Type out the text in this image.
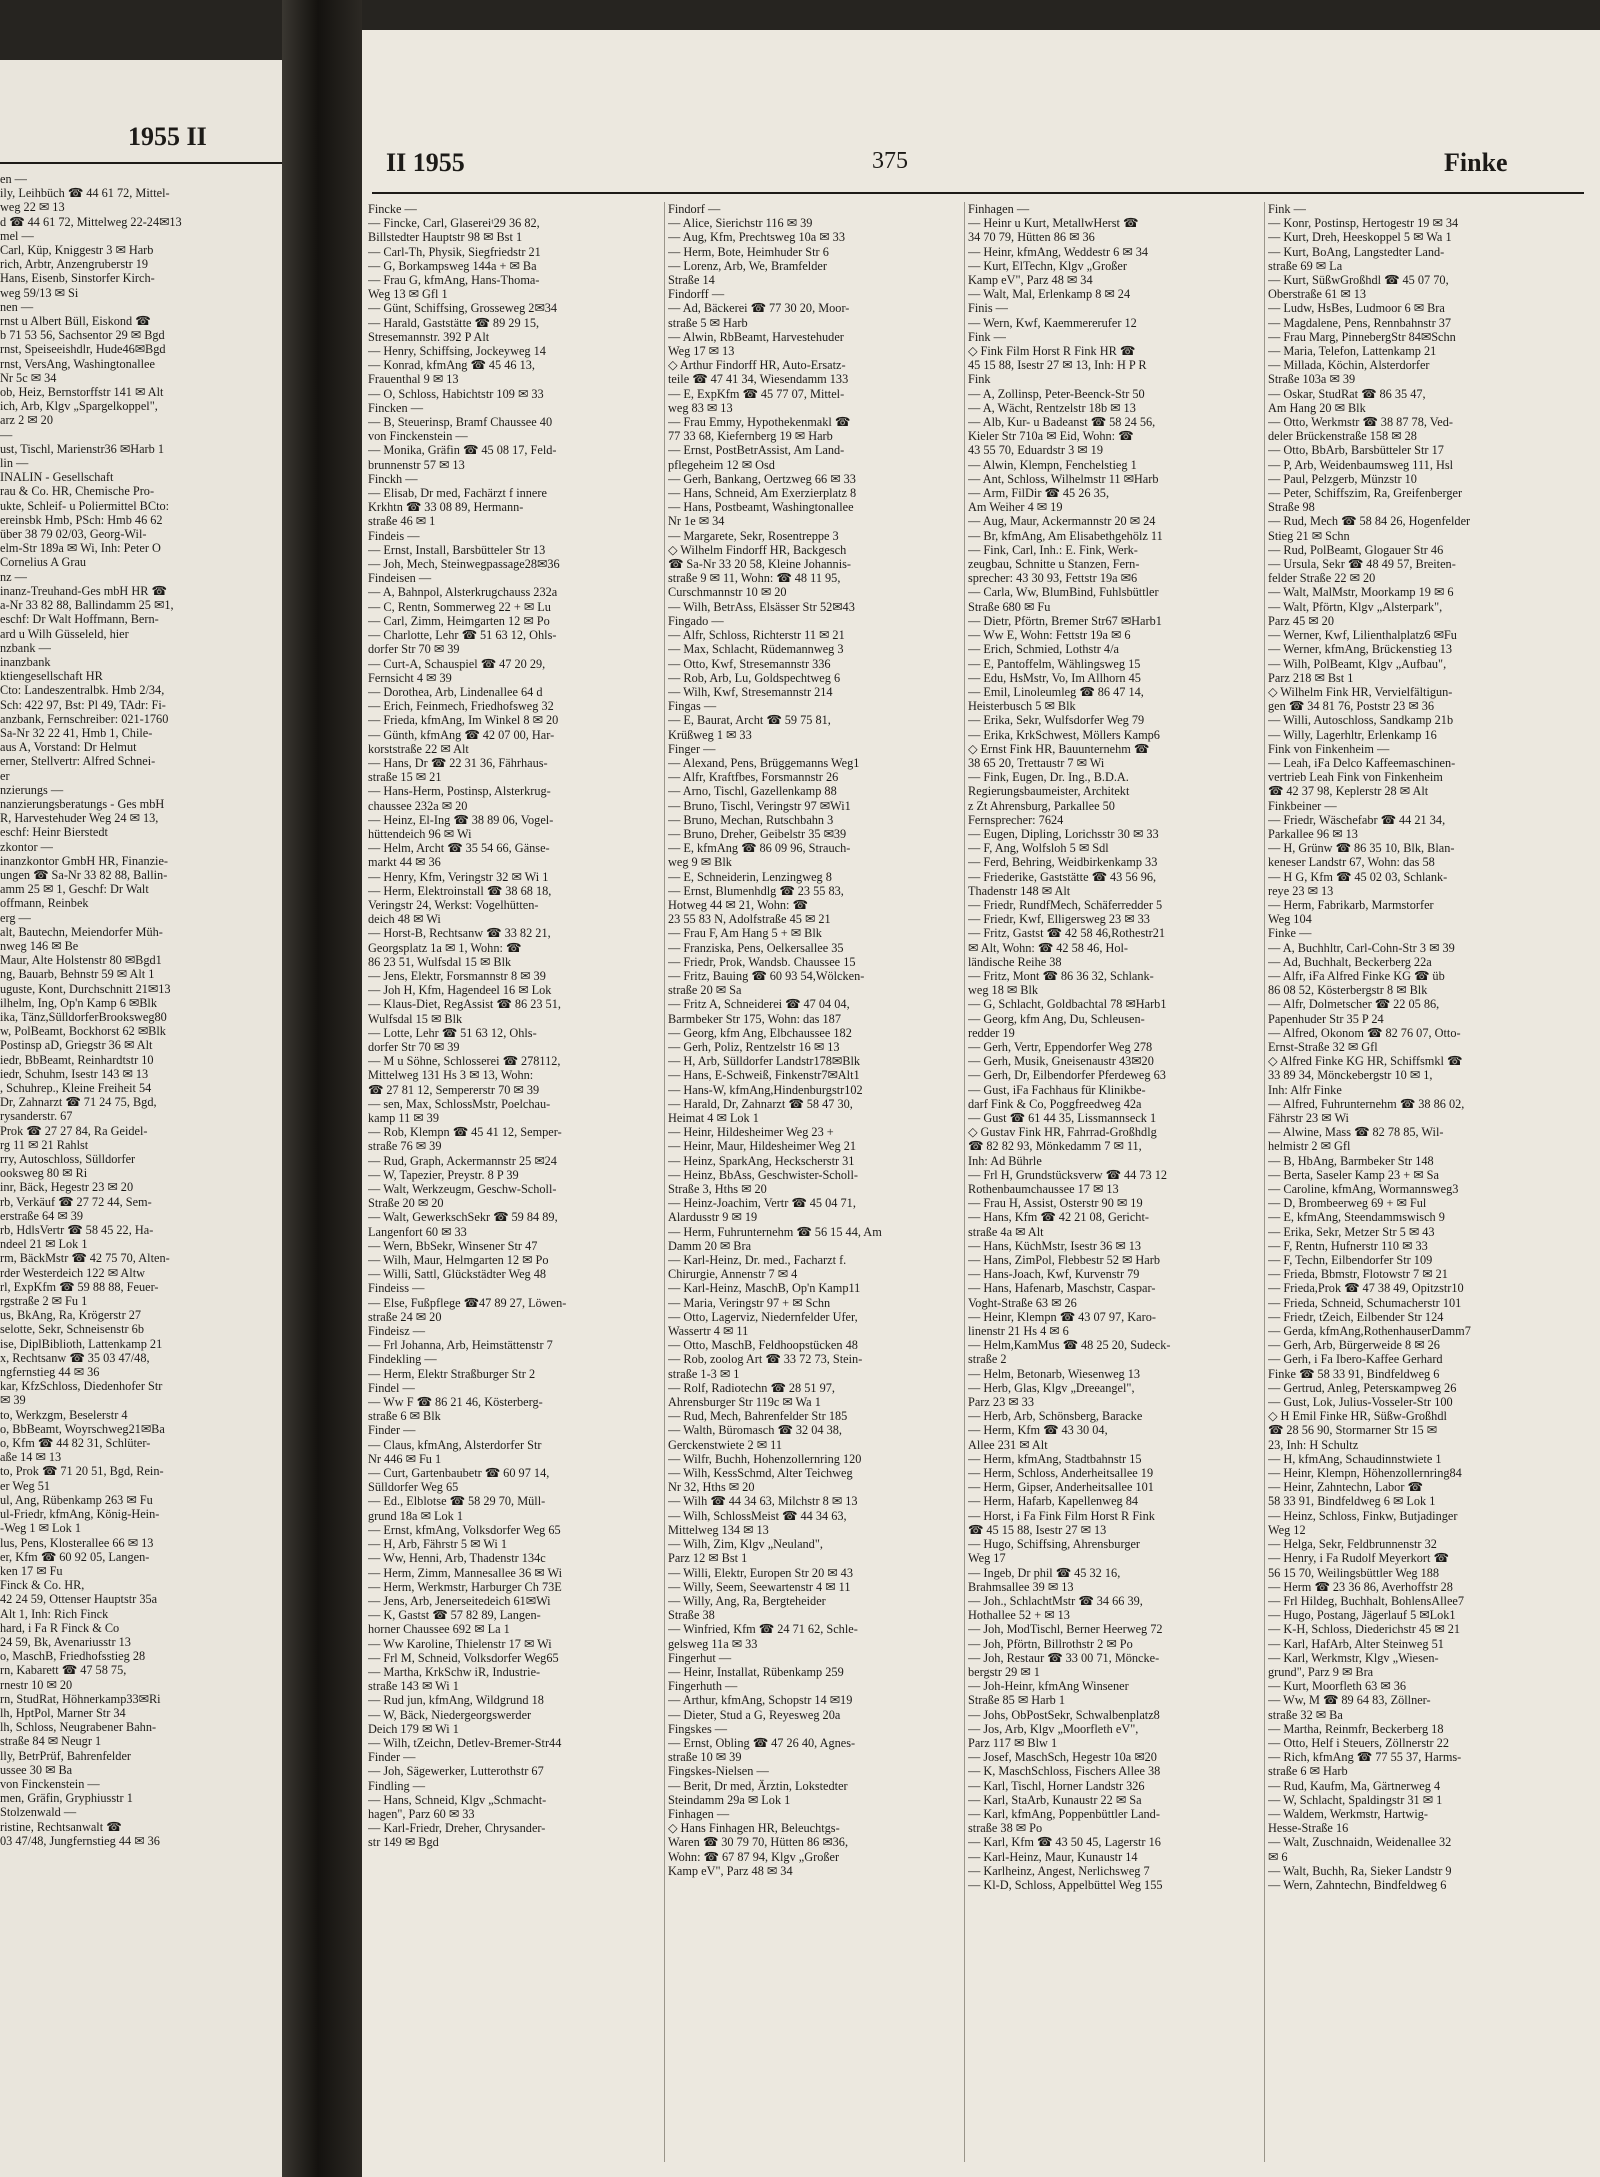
1955 II
en —
ily, Leihbüch ☎ 44 61 72, Mittel-
weg 22 ✉ 13
d ☎ 44 61 72, Mittelweg 22-24✉13
mel —
Carl, Küp, Kniggestr 3 ✉ Harb
rich, Arbtr, Anzengruberstr 19
Hans, Eisenb, Sinstorfer Kirch-
weg 59/13 ✉ Si
nen —
rnst u Albert Büll, Eiskond ☎
b 71 53 56, Sachsentor 29 ✉ Bgd
rnst, Speiseeishdlr, Hude46✉Bgd
rnst, VersAng, Washingtonallee
Nr 5c ✉ 34
ob, Heiz, Bernstorffstr 141 ✉ Alt
ich, Arb, Klgv „Spargelkoppel",
arz 2 ✉ 20
—
ust, Tischl, Marienstr36 ✉Harb 1
lin —
INALIN - Gesellschaft
rau & Co. HR, Chemische Pro-
ukte, Schleif- u Poliermittel BCto:
ereinsbk Hmb, PSch: Hmb 46 62
über 38 79 02/03, Georg-Wil-
elm-Str 189a ✉ Wi, Inh: Peter O
Cornelius A Grau
nz —
inanz-Treuhand-Ges mbH HR ☎
a-Nr 33 82 88, Ballindamm 25 ✉1,
eschf: Dr Walt Hoffmann, Bern-
ard u Wilh Güsseleld, hier
nzbank —
inanzbank
ktiengesellschaft HR
Cto: Landeszentralbk. Hmb 2/34,
Sch: 422 97, Bst: Pl 49, TAdr: Fi-
anzbank, Fernschreiber: 021-1760
Sa-Nr 32 22 41, Hmb 1, Chile-
aus A, Vorstand: Dr Helmut
erner, Stellvertr: Alfred Schnei-
er
nzierungs —
nanzierungsberatungs - Ges mbH
R, Harvestehuder Weg 24 ✉ 13,
eschf: Heinr Bierstedt
zkontor —
inanzkontor GmbH HR, Finanzie-
ungen ☎ Sa-Nr 33 82 88, Ballin-
amm 25 ✉ 1, Geschf: Dr Walt
offmann, Reinbek
erg —
alt, Bautechn, Meiendorfer Müh-
nweg 146 ✉ Be
Maur, Alte Holstenstr 80 ✉Bgd1
ng, Bauarb, Behnstr 59 ✉ Alt 1
uguste, Kont, Durchschnitt 21✉13
ilhelm, Ing, Op'n Kamp 6 ✉Blk
ika, Tänz,SülldorferBrooksweg80
w, PolBeamt, Bockhorst 62 ✉Blk
Postinsp aD, Griegstr 36 ✉ Alt
iedr, BbBeamt, Reinhardtstr 10
iedr, Schuhm, Isestr 143 ✉ 13
, Schuhrep., Kleine Freiheit 54
Dr, Zahnarzt ☎ 71 24 75, Bgd,
rysanderstr. 67
Prok ☎ 27 27 84, Ra Geidel-
rg 11 ✉ 21 Rahlst
rry, Autoschloss, Sülldorfer
ooksweg 80 ✉ Ri
inr, Bäck, Hegestr 23 ✉ 20
rb, Verkäuf ☎ 27 72 44, Sem-
erstraße 64 ✉ 39
rb, HdlsVertr ☎ 58 45 22, Ha-
ndeel 21 ✉ Lok 1
rm, BäckMstr ☎ 42 75 70, Alten-
rder Westerdeich 122 ✉ Altw
rl, ExpKfm ☎ 59 88 88, Feuer-
rgstraße 2 ✉ Fu 1
us, BkAng, Ra, Krögerstr 27
selotte, Sekr, Schneisenstr 6b
ise, DiplBiblioth, Lattenkamp 21
x, Rechtsanw ☎ 35 03 47/48,
ngfernstieg 44 ✉ 36
kar, KfzSchloss, Diedenhofer Str
✉ 39
to, Werkzgm, Beselerstr 4
o, BbBeamt, Woyrschweg21✉Ba
o, Kfm ☎ 44 82 31, Schlüter-
aße 14 ✉ 13
to, Prok ☎ 71 20 51, Bgd, Rein-
er Weg 51
ul, Ang, Rübenkamp 263 ✉ Fu
ul-Friedr, kfmAng, König-Hein-
-Weg 1 ✉ Lok 1
lus, Pens, Klosterallee 66 ✉ 13
er, Kfm ☎ 60 92 05, Langen-
ken 17 ✉ Fu
Finck & Co. HR,
42 24 59, Ottenser Hauptstr 35a
Alt 1, Inh: Rich Finck
hard, i Fa R Finck & Co
24 59, Bk, Avenariusstr 13
o, MaschB, Friedhofsstieg 28
rn, Kabarett ☎ 47 58 75,
rnestr 10 ✉ 20
rn, StudRat, Höhnerkamp33✉Ri
lh, HptPol, Marner Str 34
lh, Schloss, Neugrabener Bahn-
straße 84 ✉ Neugr 1
lly, BetrPrüf, Bahrenfelder
ussee 30 ✉ Ba
von Finckenstein —
men, Gräfin, Gryphiusstr 1
Stolzenwald —
ristine, Rechtsanwalt ☎
03 47/48, Jungfernstieg 44 ✉ 36
II 1955	375	Finke
Fincke —
— Fincke, Carl, Glasereiᵗ29 36 82,
Billstedter Hauptstr 98 ✉ Bst 1
— Carl-Th, Physik, Siegfriedstr 21
— G, Borkampsweg 144a + ✉ Ba
— Frau G, kfmAng, Hans-Thoma-
Weg 13 ✉ Gfl 1
— Günt, Schiffsing, Grosseweg 2✉34
— Harald, Gaststätte ☎ 89 29 15,
Stresemannstr. 392 P Alt
— Henry, Schiffsing, Jockeyweg 14
— Konrad, kfmAng ☎ 45 46 13,
Frauenthal 9 ✉ 13
— O, Schloss, Habichtstr 109 ✉ 33
Fincken —
— B, Steuerinsp, Bramf Chaussee 40
von Finckenstein —
— Monika, Gräfin ☎ 45 08 17, Feld-
brunnenstr 57 ✉ 13
Finckh —
— Elisab, Dr med, Fachärzt f innere
Krkhtn ☎ 33 08 89, Hermann-
straße 46 ✉ 1
Findeis —
— Ernst, Install, Barsbütteler Str 13
— Joh, Mech, Steinwegpassage28✉36
Findeisen —
— A, Bahnpol, Alsterkrugchauss 232a
— C, Rentn, Sommerweg 22 + ✉ Lu
— Carl, Zimm, Heimgarten 12 ✉ Po
— Charlotte, Lehr ☎ 51 63 12, Ohls-
dorfer Str 70 ✉ 39
— Curt-A, Schauspiel ☎ 47 20 29,
Fernsicht 4 ✉ 39
— Dorothea, Arb, Lindenallee 64 d
— Erich, Feinmech, Friedhofsweg 32
— Frieda, kfmAng, Im Winkel 8 ✉ 20
— Günth, kfmAng ☎ 42 07 00, Har-
korststraße 22 ✉ Alt
— Hans, Dr ☎ 22 31 36, Fährhaus-
straße 15 ✉ 21
— Hans-Herm, Postinsp, Alsterkrug-
chaussee 232a ✉ 20
— Heinz, El-Ing ☎ 38 89 06, Vogel-
hüttendeich 96 ✉ Wi
— Helm, Archt ☎ 35 54 66, Gänse-
markt 44 ✉ 36
— Henry, Kfm, Veringstr 32 ✉ Wi 1
— Herm, Elektroinstall ☎ 38 68 18,
Veringstr 24, Werkst: Vogelhütten-
deich 48 ✉ Wi
— Horst-B, Rechtsanw ☎ 33 82 21,
Georgsplatz 1a ✉ 1, Wohn: ☎
86 23 51, Wulfsdal 15 ✉ Blk
— Jens, Elektr, Forsmannstr 8 ✉ 39
— Joh H, Kfm, Hagendeel 16 ✉ Lok
— Klaus-Diet, RegAssist ☎ 86 23 51,
Wulfsdal 15 ✉ Blk
— Lotte, Lehr ☎ 51 63 12, Ohls-
dorfer Str 70 ✉ 39
— M u Söhne, Schlosserei ☎ 278112,
Mittelweg 131 Hs 3 ✉ 13, Wohn:
☎ 27 81 12, Sempererstr 70 ✉ 39
— sen, Max, SchlossMstr, Poelchau-
kamp 11 ✉ 39
— Rob, Klempn ☎ 45 41 12, Semper-
straße 76 ✉ 39
— Rud, Graph, Ackermannstr 25 ✉24
— W, Tapezier, Preystr. 8 P 39
— Walt, Werkzeugm, Geschw-Scholl-
Straße 20 ✉ 20
— Walt, GewerkschSekr ☎ 59 84 89,
Langenfort 60 ✉ 33
— Wern, BbSekr, Winsener Str 47
— Wilh, Maur, Helmgarten 12 ✉ Po
— Willi, Sattl, Glückstädter Weg 48
Findeiss —
— Else, Fußpflege ☎47 89 27, Löwen-
straße 24 ✉ 20
Findeisz —
— Frl Johanna, Arb, Heimstättenstr 7
Findekling —
— Herm, Elektr Straßburger Str 2
Findel —
— Ww F ☎ 86 21 46, Kösterberg-
straße 6 ✉ Blk
Finder —
— Claus, kfmAng, Alsterdorfer Str
Nr 446 ✉ Fu 1
— Curt, Gartenbaubetr ☎ 60 97 14,
Sülldorfer Weg 65
— Ed., Elblotse ☎ 58 29 70, Müll-
grund 18a ✉ Lok 1
— Ernst, kfmAng, Volksdorfer Weg 65
— H, Arb, Fährstr 5 ✉ Wi 1
— Ww, Henni, Arb, Thadenstr 134c
— Herm, Zimm, Mannesallee 36 ✉ Wi
— Herm, Werkmstr, Harburger Ch 73E
— Jens, Arb, Jenerseitedeich 61✉Wi
— K, Gastst ☎ 57 82 89, Langen-
horner Chaussee 692 ✉ La 1
— Ww Karoline, Thielenstr 17 ✉ Wi
— Frl M, Schneid, Volksdorfer Weg65
— Martha, KrkSchw iR, Industrie-
straße 143 ✉ Wi 1
— Rud jun, kfmAng, Wildgrund 18
— W, Bäck, Niedergeorgswerder
Deich 179 ✉ Wi 1
— Wilh, tZeichn, Detlev-Bremer-Str44
Finder —
— Joh, Sägewerker, Lutterothstr 67
Findling —
— Hans, Schneid, Klgv „Schmacht-
hagen", Parz 60 ✉ 33
— Karl-Friedr, Dreher, Chrysander-
str 149 ✉ Bgd
Findorf —
— Alice, Sierichstr 116 ✉ 39
— Aug, Kfm, Prechtsweg 10a ✉ 33
— Herm, Bote, Heimhuder Str 6
— Lorenz, Arb, We, Bramfelder
Straße 14
Findorff —
— Ad, Bäckerei ☎ 77 30 20, Moor-
straße 5 ✉ Harb
— Alwin, RbBeamt, Harvestehuder
Weg 17 ✉ 13
◇ Arthur Findorff HR, Auto-Ersatz-
teile ☎ 47 41 34, Wiesendamm 133
— E, ExpKfm ☎ 45 77 07, Mittel-
weg 83 ✉ 13
— Frau Emmy, Hypothekenmakl ☎
77 33 68, Kiefernberg 19 ✉ Harb
— Ernst, PostBetrAssist, Am Land-
pflegeheim 12 ✉ Osd
— Gerh, Bankang, Oertzweg 66 ✉ 33
— Hans, Schneid, Am Exerzierplatz 8
— Hans, Postbeamt, Washingtonallee
Nr 1e ✉ 34
— Margarete, Sekr, Rosentreppe 3
◇ Wilhelm Findorff HR, Backgesch
☎ Sa-Nr 33 20 58, Kleine Johannis-
straße 9 ✉ 11, Wohn: ☎ 48 11 95,
Curschmannstr 10 ✉ 20
— Wilh, BetrAss, Elsässer Str 52✉43
Fingado —
— Alfr, Schloss, Richterstr 11 ✉ 21
— Max, Schlacht, Rüdemannweg 3
— Otto, Kwf, Stresemannstr 336
— Rob, Arb, Lu, Goldspechtweg 6
— Wilh, Kwf, Stresemannstr 214
Fingas —
— E, Baurat, Archt ☎ 59 75 81,
Krüßweg 1 ✉ 33
Finger —
— Alexand, Pens, Brüggemanns Weg1
— Alfr, Kraftfbes, Forsmannstr 26
— Arno, Tischl, Gazellenkamp 88
— Bruno, Tischl, Veringstr 97 ✉Wi1
— Bruno, Mechan, Rutschbahn 3
— Bruno, Dreher, Geibelstr 35 ✉39
— E, kfmAng ☎ 86 09 96, Strauch-
weg 9 ✉ Blk
— E, Schneiderin, Lenzingweg 8
— Ernst, Blumenhdlg ☎ 23 55 83,
Hotweg 44 ✉ 21, Wohn: ☎
23 55 83 N, Adolfstraße 45 ✉ 21
— Frau F, Am Hang 5 + ✉ Blk
— Franziska, Pens, Oelkersallee 35
— Friedr, Prok, Wandsb. Chaussee 15
— Fritz, Bauing ☎ 60 93 54,Wölcken-
straße 20 ✉ Sa
— Fritz A, Schneiderei ☎ 47 04 04,
Barmbeker Str 175, Wohn: das 187
— Georg, kfm Ang, Elbchaussee 182
— Gerh, Poliz, Rentzelstr 16 ✉ 13
— H, Arb, Sülldorfer Landstr178✉Blk
— Hans, E-Schweiß, Finkenstr7✉Alt1
— Hans-W, kfmAng,Hindenburgstr102
— Harald, Dr, Zahnarzt ☎ 58 47 30,
Heimat 4 ✉ Lok 1
— Heinr, Hildesheimer Weg 23 +
— Heinr, Maur, Hildesheimer Weg 21
— Heinz, SparkAng, Heckscherstr 31
— Heinz, BbAss, Geschwister-Scholl-
Straße 3, Hths ✉ 20
— Heinz-Joachim, Vertr ☎ 45 04 71,
Alardusstr 9 ✉ 19
— Herm, Fuhrunternehm ☎ 56 15 44, Am
Damm 20 ✉ Bra
— Karl-Heinz, Dr. med., Facharzt f.
Chirurgie, Annenstr 7 ✉ 4
— Karl-Heinz, MaschB, Op'n Kamp11
— Maria, Veringstr 97 + ✉ Schn
— Otto, Lagerviz, Niedernfelder Ufer,
Wassertr 4 ✉ 11
— Otto, MaschB, Feldhoopstücken 48
— Rob, zoolog Art ☎ 33 72 73, Stein-
straße 1-3 ✉ 1
— Rolf, Radiotechn ☎ 28 51 97,
Ahrensburger Str 119c ✉ Wa 1
— Rud, Mech, Bahrenfelder Str 185
— Walth, Büromasch ☎ 32 04 38,
Gerckenstwiete 2 ✉ 11
— Wilfr, Buchh, Hohenzollernring 120
— Wilh, KessSchmd, Alter Teichweg
Nr 32, Hths ✉ 20
— Wilh ☎ 44 34 63, Milchstr 8 ✉ 13
— Wilh, SchlossMeist ☎ 44 34 63,
Mittelweg 134 ✉ 13
— Wilh, Zim, Klgv „Neuland",
Parz 12 ✉ Bst 1
— Willi, Elektr, Europen Str 20 ✉ 43
— Willy, Seem, Seewartenstr 4 ✉ 11
— Willy, Ang, Ra, Bergteheider
Straße 38
— Winfried, Kfm ☎ 24 71 62, Schle-
gelsweg 11a ✉ 33
Fingerhut —
— Heinr, Installat, Rübenkamp 259
Fingerhuth —
— Arthur, kfmAng, Schopstr 14 ✉19
— Dieter, Stud a G, Reyesweg 20a
Fingskes —
— Ernst, Obling ☎ 47 26 40, Agnes-
straße 10 ✉ 39
Fingskes-Nielsen —
— Berit, Dr med, Ärztin, Lokstedter
Steindamm 29a ✉ Lok 1
Finhagen —
◇ Hans Finhagen HR, Beleuchtgs-
Waren ☎ 30 79 70, Hütten 86 ✉36,
Wohn: ☎ 67 87 94, Klgv „Großer
Kamp eV", Parz 48 ✉ 34
Finhagen —
— Heinr u Kurt, MetallwHerst ☎
34 70 79, Hütten 86 ✉ 36
— Heinr, kfmAng, Weddestr 6 ✉ 34
— Kurt, ElTechn, Klgv „Großer
Kamp eV", Parz 48 ✉ 34
— Walt, Mal, Erlenkamp 8 ✉ 24
Finis —
— Wern, Kwf, Kaemmererufer 12
Fink —
◇ Fink Film Horst R Fink HR ☎
45 15 88, Isestr 27 ✉ 13, Inh: H P R
Fink
— A, Zollinsp, Peter-Beenck-Str 50
— A, Wächt, Rentzelstr 18b ✉ 13
— Alb, Kur- u Badeanst ☎ 58 24 56,
Kieler Str 710a ✉ Eid, Wohn: ☎
43 55 70, Eduardstr 3 ✉ 19
— Alwin, Klempn, Fenchelstieg 1
— Ant, Schloss, Wilhelmstr 11 ✉Harb
— Arm, FilDir ☎ 45 26 35,
Am Weiher 4 ✉ 19
— Aug, Maur, Ackermannstr 20 ✉ 24
— Br, kfmAng, Am Elisabethgehölz 11
— Fink, Carl, Inh.: E. Fink, Werk-
zeugbau, Schnitte u Stanzen, Fern-
sprecher: 43 30 93, Fettstr 19a ✉6
— Carla, Ww, BlumBind, Fuhlsbüttler
Straße 680 ✉ Fu
— Dietr, Pförtn, Bremer Str67 ✉Harb1
— Ww E, Wohn: Fettstr 19a ✉ 6
— Erich, Schmied, Lothstr 4/a
— E, Pantoffelm, Wählingsweg 15
— Edu, HsMstr, Vo, Im Allhorn 45
— Emil, Linoleumleg ☎ 86 47 14,
Heisterbusch 5 ✉ Blk
— Erika, Sekr, Wulfsdorfer Weg 79
— Erika, KrkSchwest, Möllers Kamp6
◇ Ernst Fink HR, Bauunternehm ☎
38 65 20, Trettaustr 7 ✉ Wi
— Fink, Eugen, Dr. Ing., B.D.A.
Regierungsbaumeister, Architekt
z Zt Ahrensburg, Parkallee 50
Fernsprecher: 7624
— Eugen, Dipling, Lorichsstr 30 ✉ 33
— F, Ang, Wolfsloh 5 ✉ Sdl
— Ferd, Behring, Weidbirkenkamp 33
— Friederike, Gaststätte ☎ 43 56 96,
Thadenstr 148 ✉ Alt
— Friedr, RundfMech, Schäferredder 5
— Friedr, Kwf, Elligersweg 23 ✉ 33
— Fritz, Gastst ☎ 42 58 46,Rothestr21
✉ Alt, Wohn: ☎ 42 58 46, Hol-
ländische Reihe 38
— Fritz, Mont ☎ 86 36 32, Schlank-
weg 18 ✉ Blk
— G, Schlacht, Goldbachtal 78 ✉Harb1
— Georg, kfm Ang, Du, Schleusen-
redder 19
— Gerh, Vertr, Eppendorfer Weg 278
— Gerh, Musik, Gneisenaustr 43✉20
— Gerh, Dr, Eilbendorfer Pferdeweg 63
— Gust, iFa Fachhaus für Klinikbe-
darf Fink & Co, Poggfreedweg 42a
— Gust ☎ 61 44 35, Lissmannseck 1
◇ Gustav Fink HR, Fahrrad-Großhdlg
☎ 82 82 93, Mönkedamm 7 ✉ 11,
Inh: Ad Bührle
— Frl H, Grundstücksverw ☎ 44 73 12
Rothenbaumchaussee 17 ✉ 13
— Frau H, Assist, Osterstr 90 ✉ 19
— Hans, Kfm ☎ 42 21 08, Gericht-
straße 4a ✉ Alt
— Hans, KüchMstr, Isestr 36 ✉ 13
— Hans, ZimPol, Flebbestr 52 ✉ Harb
— Hans-Joach, Kwf, Kurvenstr 79
— Hans, Hafenarb, Maschstr, Caspar-
Voght-Straße 63 ✉ 26
— Heinr, Klempn ☎ 43 07 97, Karo-
linenstr 21 Hs 4 ✉ 6
— Helm,KamMus ☎ 48 25 20, Sudeck-
straße 2
— Helm, Betonarb, Wiesenweg 13
— Herb, Glas, Klgv „Dreeangel",
Parz 23 ✉ 33
— Herb, Arb, Schönsberg, Baracke
— Herm, Kfm ☎ 43 30 04,
Allee 231 ✉ Alt
— Herm, kfmAng, Stadtbahnstr 15
— Herm, Schloss, Anderheitsallee 19
— Herm, Gipser, Anderheitsallee 101
— Herm, Hafarb, Kapellenweg 84
— Horst, i Fa Fink Film Horst R Fink
☎ 45 15 88, Isestr 27 ✉ 13
— Hugo, Schiffsing, Ahrensburger
Weg 17
— Ingeb, Dr phil ☎ 45 32 16,
Brahmsallee 39 ✉ 13
— Joh., SchlachtMstr ☎ 34 66 39,
Hothallee 52 + ✉ 13
— Joh, ModTischl, Berner Heerweg 72
— Joh, Pförtn, Billrothstr 2 ✉ Po
— Joh, Restaur ☎ 33 00 71, Mönckе-
bergstr 29 ✉ 1
— Joh-Heinr, kfmAng Winsener
Straße 85 ✉ Harb 1
— Johs, ObPostSekr, Schwalbenplatz8
— Jos, Arb, Klgv „Moorfleth eV",
Parz 117 ✉ Blw 1
— Josef, MaschSch, Hegestr 10a ✉20
— K, MaschSchloss, Fischers Allee 38
— Karl, Tischl, Horner Landstr 326
— Karl, StaArb, Kunaustr 22 ✉ Sa
— Karl, kfmAng, Poppenbüttler Land-
straße 38 ✉ Po
— Karl, Kfm ☎ 43 50 45, Lagerstr 16
— Karl-Heinz, Maur, Kunaustr 14
— Karlheinz, Angest, Nerlichsweg 7
— Kl-D, Schloss, Appelbüttel Weg 155
Fink —
— Konr, Postinsp, Hertogestr 19 ✉ 34
— Kurt, Dreh, Heeskoppel 5 ✉ Wa 1
— Kurt, BoAng, Langstedter Land-
straße 69 ✉ La
— Kurt, SüßwGroßhdl ☎ 45 07 70,
Oberstraße 61 ✉ 13
— Ludw, HsBes, Ludmoor 6 ✉ Bra
— Magdalene, Pens, Rennbahnstr 37
— Frau Marg, PinnebergStr 84✉Schn
— Maria, Telefon, Lattenkamp 21
— Millada, Köchin, Alsterdorfer
Straße 103a ✉ 39
— Oskar, StudRat ☎ 86 35 47,
Am Hang 20 ✉ Blk
— Otto, Werkmstr ☎ 38 87 78, Ved-
deler Brückenstraße 158 ✉ 28
— Otto, BbArb, Barsbütteler Str 17
— P, Arb, Weidenbaumsweg 111, Hsl
— Paul, Pelzgerb, Münzstr 10
— Peter, Schiffszim, Ra, Greifenberger
Straße 98
— Rud, Mech ☎ 58 84 26, Hogenfelder
Stieg 21 ✉ Schn
— Rud, PolBeamt, Glogauer Str 46
— Ursula, Sekr ☎ 48 49 57, Breiten-
felder Straße 22 ✉ 20
— Walt, MalMstr, Moorkamp 19 ✉ 6
— Walt, Pförtn, Klgv „Alsterpark",
Parz 45 ✉ 20
— Werner, Kwf, Lilienthalplatz6 ✉Fu
— Werner, kfmAng, Brückenstieg 13
— Wilh, PolBeamt, Klgv „Aufbau",
Parz 218 ✉ Bst 1
◇ Wilhelm Fink HR, Vervielfältigun-
gen ☎ 34 81 76, Poststr 23 ✉ 36
— Willi, Autoschloss, Sandkamp 21b
— Willy, Lagerhltr, Erlenkamp 16
Fink von Finkenheim —
— Leah, iFa Delco Kaffeemaschinen-
vertrieb Leah Fink von Finkenheim
☎ 42 37 98, Keplerstr 28 ✉ Alt
Finkbeiner —
— Friedr, Wäschefabr ☎ 44 21 34,
Parkallee 96 ✉ 13
— H, Grünw ☎ 86 35 10, Blk, Blan-
keneser Landstr 67, Wohn: das 58
— H G, Kfm ☎ 45 02 03, Schlank-
reye 23 ✉ 13
— Herm, Fabrikarb, Marmstorfer
Weg 104
Finke —
— A, Buchhltr, Carl-Cohn-Str 3 ✉ 39
— Ad, Buchhalt, Beckerberg 22a
— Alfr, iFa Alfred Finke KG ☎ üb
86 08 52, Kösterbergstr 8 ✉ Blk
— Alfr, Dolmetscher ☎ 22 05 86,
Papenhuder Str 35 P 24
— Alfred, Okonom ☎ 82 76 07, Otto-
Ernst-Straße 32 ✉ Gfl
◇ Alfred Finke KG HR, Schiffsmkl ☎
33 89 34, Mönckebergstr 10 ✉ 1,
Inh: Alfr Finke
— Alfred, Fuhrunternehm ☎ 38 86 02,
Fährstr 23 ✉ Wi
— Alwine, Mass ☎ 82 78 85, Wil-
helmistr 2 ✉ Gfl
— B, HbAng, Barmbeker Str 148
— Berta, Saseler Kamp 23 + ✉ Sa
— Caroline, kfmAng, Wormannsweg3
— D, Brombeerweg 69 + ✉ Ful
— E, kfmAng, Steendammswisch 9
— Erika, Sekr, Metzer Str 5 ✉ 43
— F, Rentn, Hufnerstr 110 ✉ 33
— F, Techn, Eilbendorfer Str 109
— Frieda, Bbmstr, Flotowstr 7 ✉ 21
— Frieda,Prok ☎ 47 38 49, Opitzstr10
— Frieda, Schneid, Schumacherstr 101
— Friedr, tZeich, Eilbender Str 124
— Gerda, kfmAng,RothenhauserDamm7
— Gerh, Arb, Bürgerweide 8 ✉ 26
— Gerh, i Fa Ibero-Kaffee Gerhard
Finke ☎ 58 33 91, Bindfeldweg 6
— Gertrud, Anleg, Petersкampweg 26
— Gust, Lok, Julius-Vosseler-Str 100
◇ H Emil Finke HR, Süßw-Großhdl
☎ 28 56 90, Stormarner Str 15 ✉
23, Inh: H Schultz
— H, kfmAng, Schaudinnstwiete 1
— Heinr, Klempn, Höhenzollernring84
— Heinr, Zahntechn, Labor ☎
58 33 91, Bindfeldweg 6 ✉ Lok 1
— Heinz, Schloss, Finkw, Butjadinger
Weg 12
— Helga, Sekr, Feldbrunnenstr 32
— Henry, i Fa Rudolf Meyerkort ☎
56 15 70, Weilingsbüttler Weg 188
— Herm ☎ 23 36 86, Averhoffstr 28
— Frl Hildeg, Buchhalt, BohlensAllee7
— Hugo, Postang, Jägerlauf 5 ✉Lok1
— K-H, Schloss, Diederichstr 45 ✉ 21
— Karl, HafArb, Alter Steinweg 51
— Karl, Werkmstr, Klgv „Wiesen-
grund", Parz 9 ✉ Bra
— Kurt, Moorfleth 63 ✉ 36
— Ww, M ☎ 89 64 83, Zöllner-
straße 32 ✉ Ba
— Martha, Reinmfr, Beckerberg 18
— Otto, Helf i Steuers, Zöllnerstr 22
— Rich, kfmAng ☎ 77 55 37, Harms-
straße 6 ✉ Harb
— Rud, Kaufm, Ma, Gärtnerweg 4
— W, Schlacht, Spaldingstr 31 ✉ 1
— Waldem, Werkmstr, Hartwig-
Hesse-Straße 16
— Walt, Zuschnaidn, Weidenallee 32
✉ 6
— Walt, Buchh, Ra, Sieker Landstr 9
— Wern, Zahntechn, Bindfeldweg 6
